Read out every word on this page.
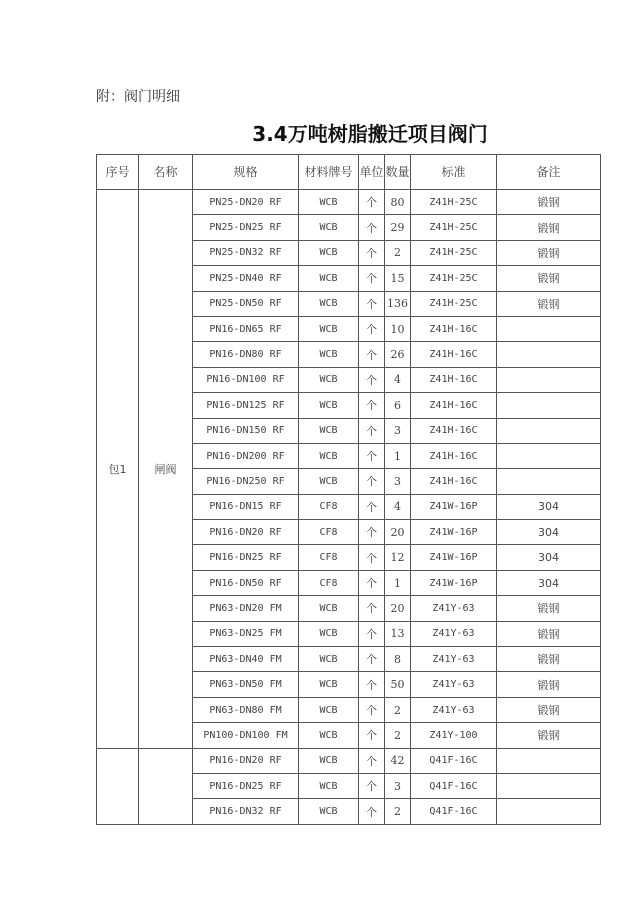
附：阀门明细
3.4万吨树脂搬迁项目阀门
序号	名称	规格	材料牌号	单位	数量	标准	备注
包1	闸阀	PN25-DN20 RF	WCB	个	80	Z41H-25C	锻钢
		PN25-DN25 RF	WCB	个	29	Z41H-25C	锻钢
		PN25-DN32 RF	WCB	个	2	Z41H-25C	锻钢
		PN25-DN40 RF	WCB	个	15	Z41H-25C	锻钢
		PN25-DN50 RF	WCB	个	136	Z41H-25C	锻钢
		PN16-DN65 RF	WCB	个	10	Z41H-16C	
		PN16-DN80 RF	WCB	个	26	Z41H-16C	
		PN16-DN100 RF	WCB	个	4	Z41H-16C	
		PN16-DN125 RF	WCB	个	6	Z41H-16C	
		PN16-DN150 RF	WCB	个	3	Z41H-16C	
		PN16-DN200 RF	WCB	个	1	Z41H-16C	
		PN16-DN250 RF	WCB	个	3	Z41H-16C	
		PN16-DN15 RF	CF8	个	4	Z41W-16P	304
		PN16-DN20 RF	CF8	个	20	Z41W-16P	304
		PN16-DN25 RF	CF8	个	12	Z41W-16P	304
		PN16-DN50 RF	CF8	个	1	Z41W-16P	304
		PN63-DN20 FM	WCB	个	20	Z41Y-63	锻钢
		PN63-DN25 FM	WCB	个	13	Z41Y-63	锻钢
		PN63-DN40 FM	WCB	个	8	Z41Y-63	锻钢
		PN63-DN50 FM	WCB	个	50	Z41Y-63	锻钢
		PN63-DN80 FM	WCB	个	2	Z41Y-63	锻钢
		PN100-DN100 FM	WCB	个	2	Z41Y-100	锻钢
		PN16-DN20 RF	WCB	个	42	Q41F-16C	
		PN16-DN25 RF	WCB	个	3	Q41F-16C	
		PN16-DN32 RF	WCB	个	2	Q41F-16C	
